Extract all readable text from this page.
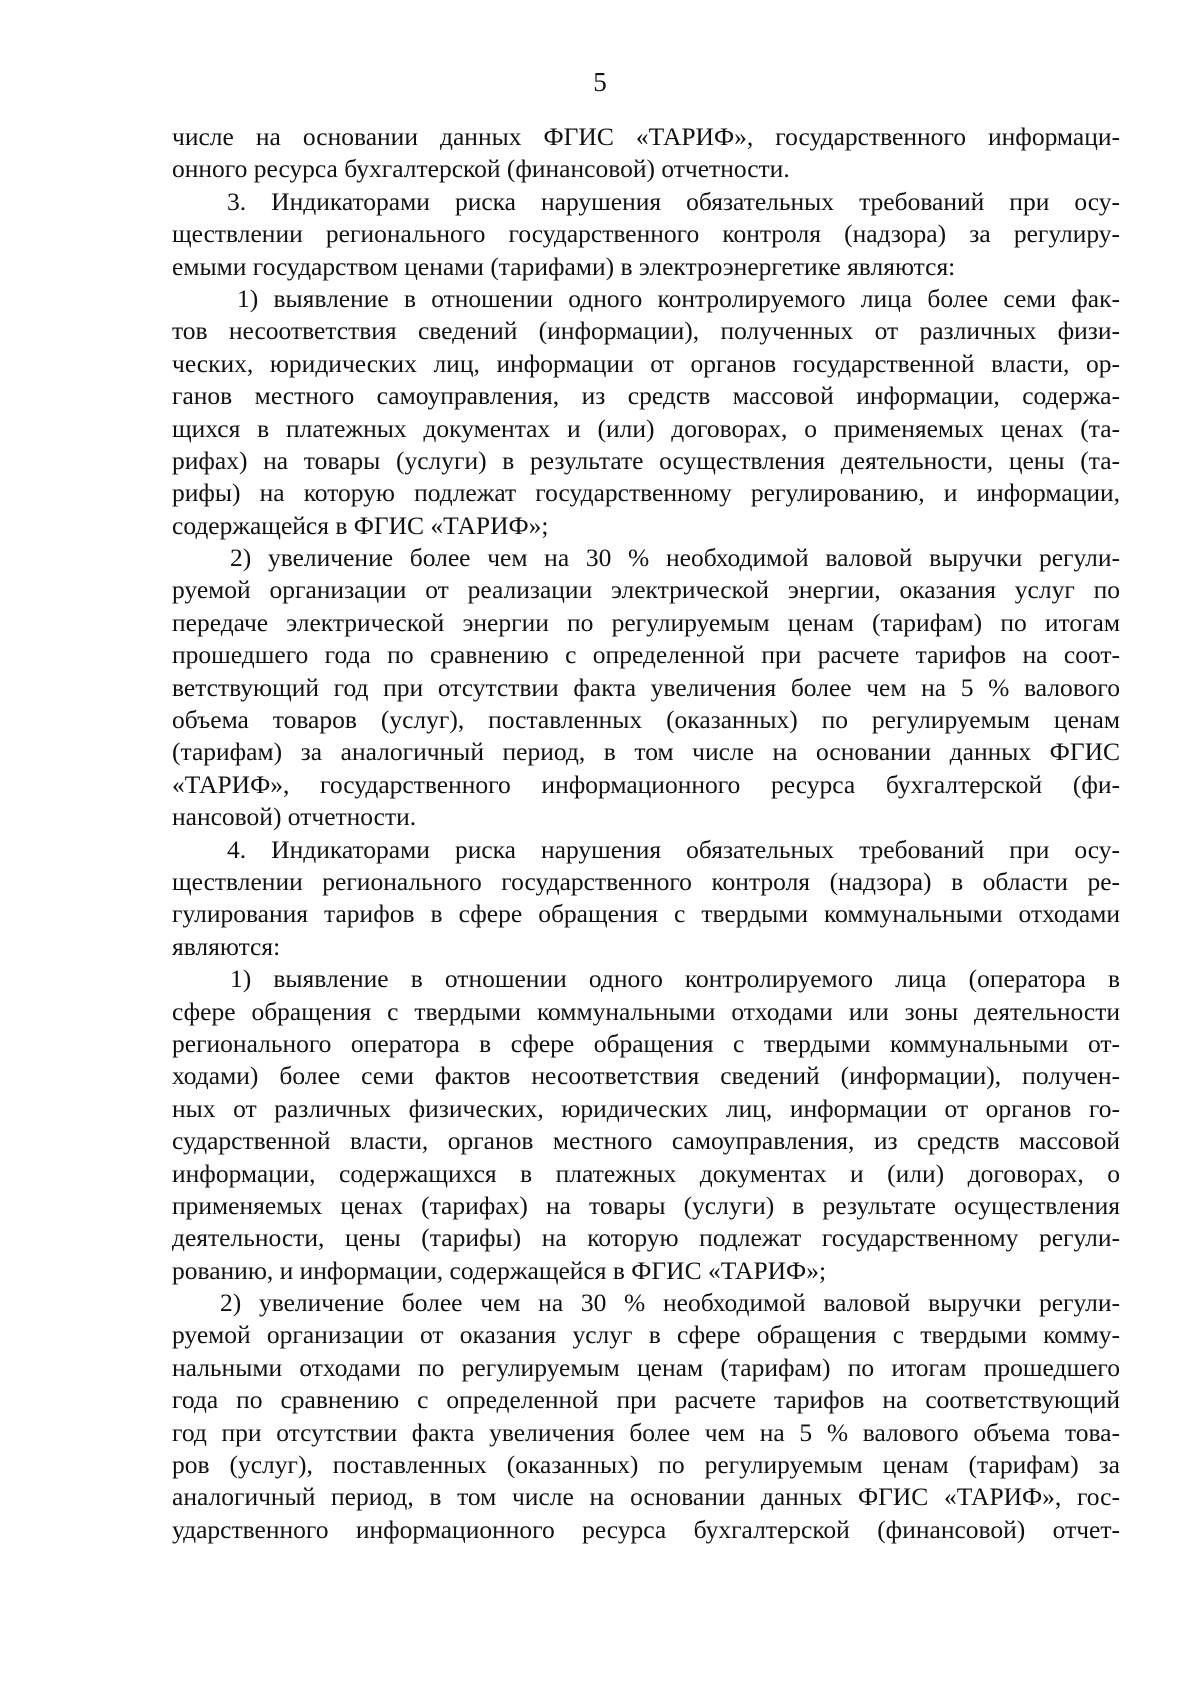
5
числе на основании данных ФГИС «ТАРИФ», государственного информаци-
онного ресурса бухгалтерской (финансовой) отчетности.
3. Индикаторами риска нарушения обязательных требований при осу-
ществлении регионального государственного контроля (надзора) за регулиру-
емыми государством ценами (тарифами) в электроэнергетике являются:
1) выявление в отношении одного контролируемого лица более семи фак-
тов несоответствия сведений (информации), полученных от различных физи-
ческих, юридических лиц, информации от органов государственной власти, ор-
ганов местного самоуправления, из средств массовой информации, содержа-
щихся в платежных документах и (или) договорах, о применяемых ценах (та-
рифах) на товары (услуги) в результате осуществления деятельности, цены (та-
рифы) на которую подлежат государственному регулированию, и информации,
содержащейся в ФГИС «ТАРИФ»;
2) увеличение более чем на 30 % необходимой валовой выручки регули-
руемой организации от реализации электрической энергии, оказания услуг по
передаче электрической энергии по регулируемым ценам (тарифам) по итогам
прошедшего года по сравнению с определенной при расчете тарифов на соот-
ветствующий год при отсутствии факта увеличения более чем на 5 % валового
объема товаров (услуг), поставленных (оказанных) по регулируемым ценам
(тарифам) за аналогичный период, в том числе на основании данных ФГИС
«ТАРИФ», государственного информационного ресурса бухгалтерской (фи-
нансовой) отчетности.
4. Индикаторами риска нарушения обязательных требований при осу-
ществлении регионального государственного контроля (надзора) в области ре-
гулирования тарифов в сфере обращения с твердыми коммунальными отходами
являются:
1) выявление в отношении одного контролируемого лица (оператора в
сфере обращения с твердыми коммунальными отходами или зоны деятельности
регионального оператора в сфере обращения с твердыми коммунальными от-
ходами) более семи фактов несоответствия сведений (информации), получен-
ных от различных физических, юридических лиц, информации от органов го-
сударственной власти, органов местного самоуправления, из средств массовой
информации, содержащихся в платежных документах и (или) договорах, о
применяемых ценах (тарифах) на товары (услуги) в результате осуществления
деятельности, цены (тарифы) на которую подлежат государственному регули-
рованию, и информации, содержащейся в ФГИС «ТАРИФ»;
2) увеличение более чем на 30 % необходимой валовой выручки регули-
руемой организации от оказания услуг в сфере обращения с твердыми комму-
нальными отходами по регулируемым ценам (тарифам) по итогам прошедшего
года по сравнению с определенной при расчете тарифов на соответствующий
год при отсутствии факта увеличения более чем на 5 % валового объема това-
ров (услуг), поставленных (оказанных) по регулируемым ценам (тарифам) за
аналогичный период, в том числе на основании данных ФГИС «ТАРИФ», гос-
ударственного информационного ресурса бухгалтерской (финансовой) отчет-
